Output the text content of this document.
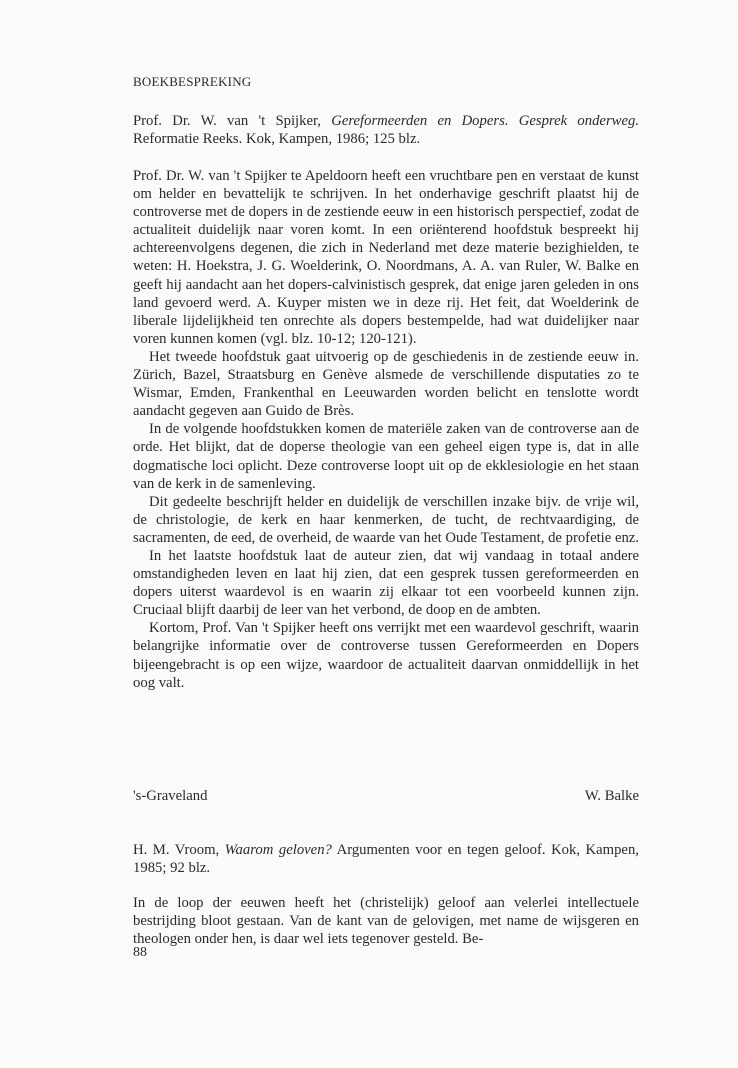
BOEKBESPREKING

Prof. Dr. W. van 't Spijker, Gereformeerden en Dopers. Gesprek onderweg. Reformatie Reeks. Kok, Kampen, 1986; 125 blz.

Prof. Dr. W. van 't Spijker te Apeldoorn heeft een vruchtbare pen en verstaat de kunst om helder en bevattelijk te schrijven. In het onderhavige geschrift plaatst hij de controverse met de dopers in de zestiende eeuw in een historisch perspectief, zodat de actualiteit duidelijk naar voren komt. In een oriënterend hoofdstuk bespreekt hij achtereenvolgens degenen, die zich in Nederland met deze materie bezighielden, te weten: H. Hoekstra, J. G. Woelderink, O. Noordmans, A. A. van Ruler, W. Balke en geeft hij aandacht aan het dopers-calvinistisch gesprek, dat enige jaren geleden in ons land gevoerd werd. A. Kuyper misten we in deze rij. Het feit, dat Woelderink de liberale lijdelijkheid ten onrechte als dopers bestempelde, had wat duidelijker naar voren kunnen komen (vgl. blz. 10-12; 120-121).

Het tweede hoofdstuk gaat uitvoerig op de geschiedenis in de zestiende eeuw in. Zürich, Bazel, Straatsburg en Genève alsmede de verschillende disputaties zo te Wismar, Emden, Frankenthal en Leeuwarden worden belicht en tenslotte wordt aandacht gegeven aan Guido de Brès.

In de volgende hoofdstukken komen de materiële zaken van de controverse aan de orde. Het blijkt, dat de doperse theologie van een geheel eigen type is, dat in alle dogmatische loci oplicht. Deze controverse loopt uit op de ekklesiologie en het staan van de kerk in de samenleving.

Dit gedeelte beschrijft helder en duidelijk de verschillen inzake bijv. de vrije wil, de christologie, de kerk en haar kenmerken, de tucht, de rechtvaardiging, de sacramenten, de eed, de overheid, de waarde van het Oude Testament, de profetie enz.

In het laatste hoofdstuk laat de auteur zien, dat wij vandaag in totaal andere omstandigheden leven en laat hij zien, dat een gesprek tussen gereformeerden en dopers uiterst waardevol is en waarin zij elkaar tot een voorbeeld kunnen zijn. Cruciaal blijft daarbij de leer van het verbond, de doop en de ambten.

Kortom, Prof. Van 't Spijker heeft ons verrijkt met een waardevol geschrift, waarin belangrijke informatie over de controverse tussen Gereformeerden en Dopers bijeengebracht is op een wijze, waardoor de actualiteit daarvan onmiddellijk in het oog valt.

's-Graveland	W. Balke

H. M. Vroom, Waarom geloven? Argumenten voor en tegen geloof. Kok, Kampen, 1985; 92 blz.

In de loop der eeuwen heeft het (christelijk) geloof aan velerlei intellectuele bestrijding bloot gestaan. Van de kant van de gelovigen, met name de wijsgeren en theologen onder hen, is daar wel iets tegenover gesteld. Be-

88
